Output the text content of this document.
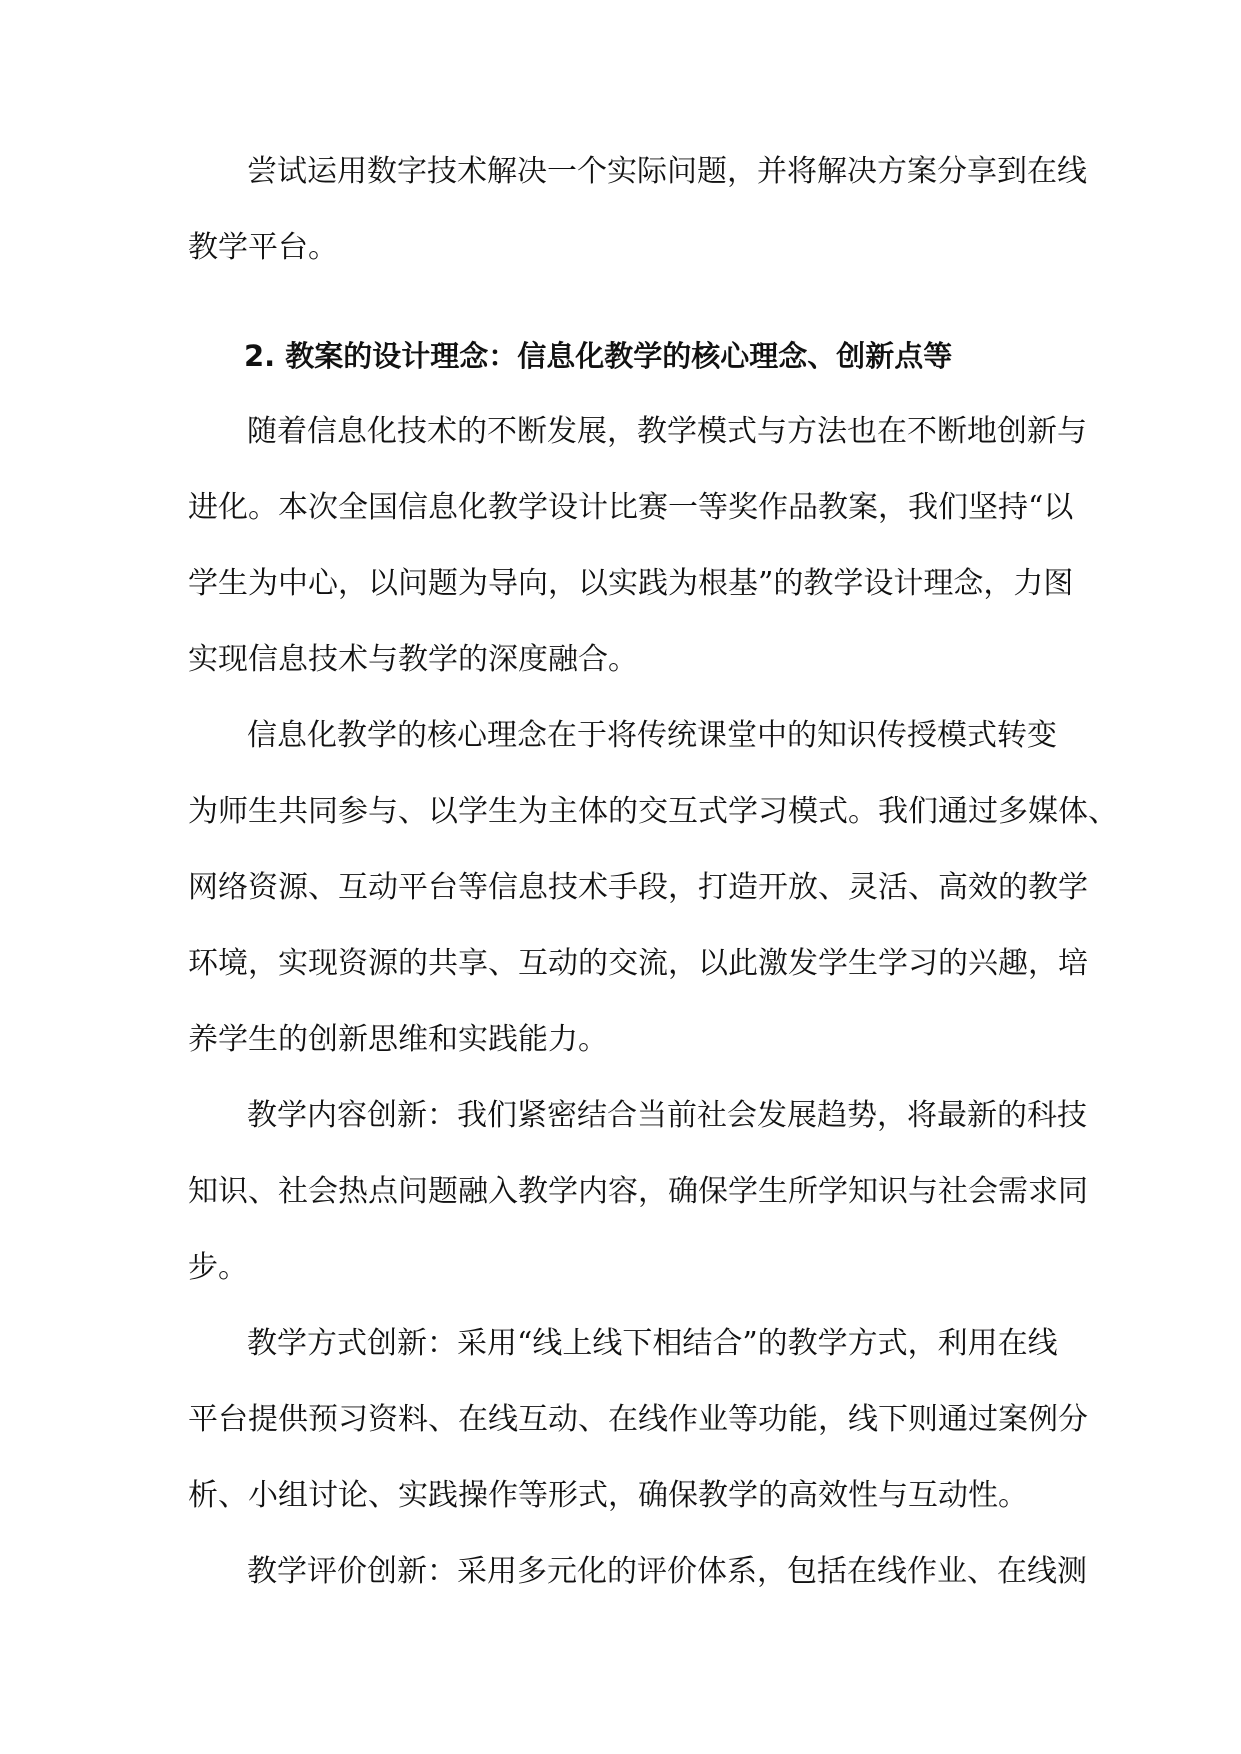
尝试运用数字技术解决一个实际问题，并将解决方案分享到在线
教学平台。
2. 教案的设计理念：信息化教学的核心理念、创新点等
随着信息化技术的不断发展，教学模式与方法也在不断地创新与
进化。本次全国信息化教学设计比赛一等奖作品教案，我们坚持“以
学生为中心，以问题为导向，以实践为根基”的教学设计理念，力图
实现信息技术与教学的深度融合。
信息化教学的核心理念在于将传统课堂中的知识传授模式转变
为师生共同参与、以学生为主体的交互式学习模式。我们通过多媒体、
网络资源、互动平台等信息技术手段，打造开放、灵活、高效的教学
环境，实现资源的共享、互动的交流，以此激发学生学习的兴趣，培
养学生的创新思维和实践能力。
教学内容创新：我们紧密结合当前社会发展趋势，将最新的科技
知识、社会热点问题融入教学内容，确保学生所学知识与社会需求同
步。
教学方式创新：采用“线上线下相结合”的教学方式，利用在线
平台提供预习资料、在线互动、在线作业等功能，线下则通过案例分
析、小组讨论、实践操作等形式，确保教学的高效性与互动性。
教学评价创新：采用多元化的评价体系，包括在线作业、在线测
